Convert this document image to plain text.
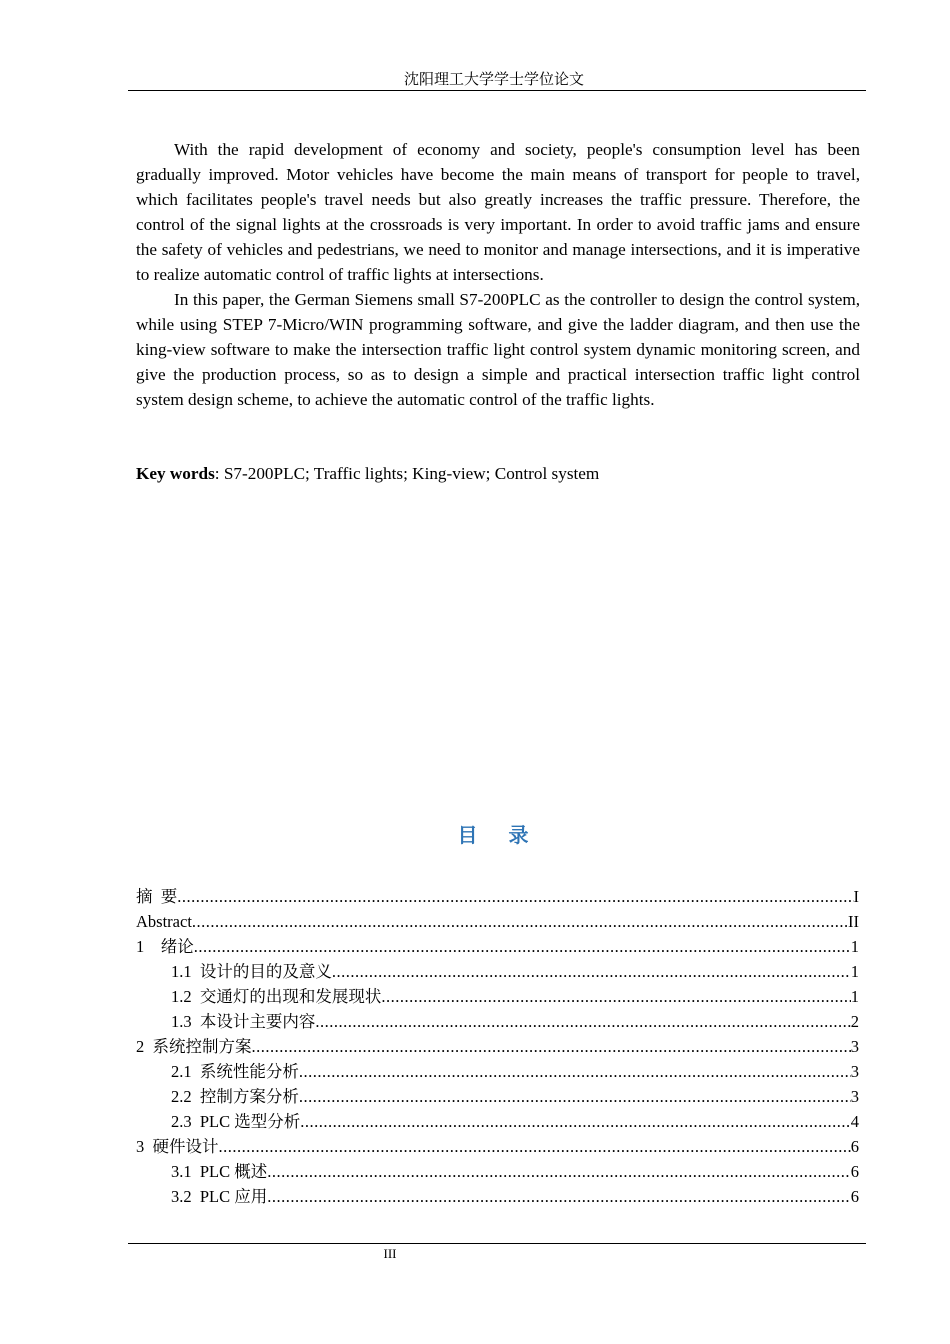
沈阳理工大学学士学位论文

With the rapid development of economy and society, people's consumption level has been gradually improved. Motor vehicles have become the main means of transport for people to travel, which facilitates people's travel needs but also greatly increases the traffic pressure. Therefore, the control of the signal lights at the crossroads is very important. In order to avoid traffic jams and ensure the safety of vehicles and pedestrians, we need to monitor and manage intersections, and it is imperative to realize automatic control of traffic lights at intersections.

In this paper, the German Siemens small S7-200PLC as the controller to design the control system, while using STEP 7-Micro/WIN programming software, and give the ladder diagram, and then use the king-view software to make the intersection traffic light control system dynamic monitoring screen, and give the production process, so as to design a simple and practical intersection traffic light control system design scheme, to achieve the automatic control of the traffic lights.

Key words: S7-200PLC; Traffic lights; King-view; Control system
目 录
摘  要 .....	I
Abstract .....	II
1    绪论 .....	1
1.1  设计的目的及意义 .....	1
1.2  交通灯的出现和发展现状 .....	1
1.3  本设计主要内容 .....	2
2  系统控制方案 .....	3
2.1  系统性能分析 .....	3
2.2  控制方案分析 .....	3
2.3  PLC 选型分析 .....	4
3  硬件设计 .....	6
3.1  PLC 概述 .....	6
3.2  PLC 应用 .....	6
III
